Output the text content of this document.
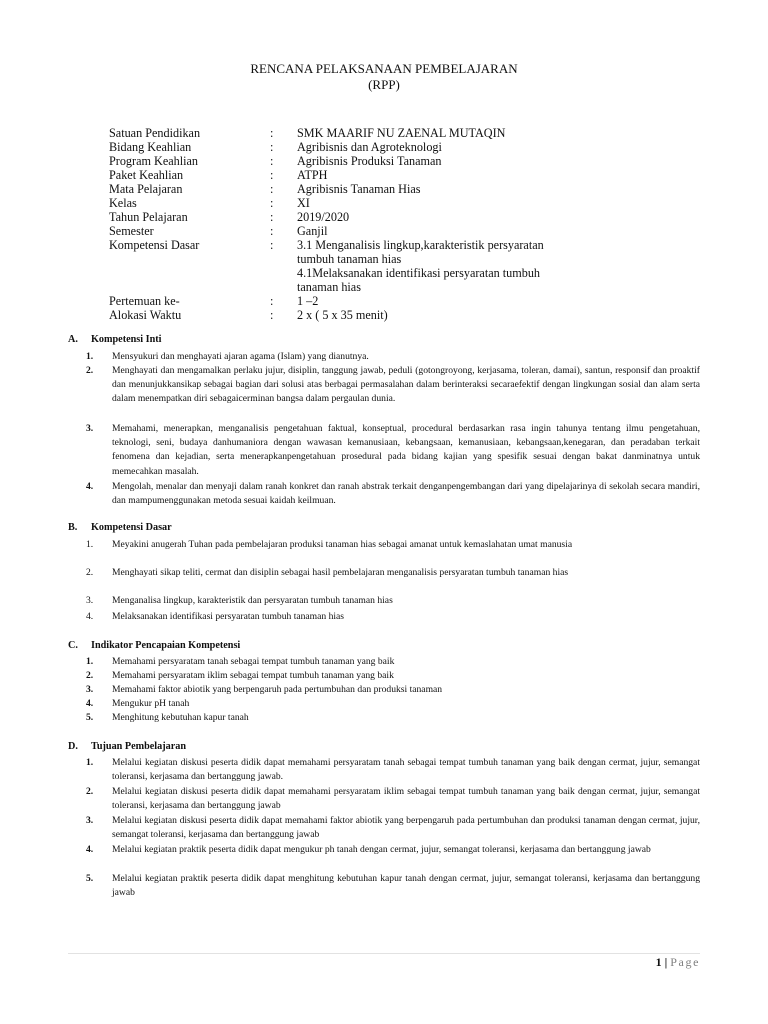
RENCANA PELAKSANAAN PEMBELAJARAN
(RPP)
Satuan Pendidikan	: SMK MAARIF NU ZAENAL MUTAQIN
Bidang Keahlian	: Agribisnis dan Agroteknologi
Program Keahlian	: Agribisnis Produksi Tanaman
Paket Keahlian	: ATPH
Mata Pelajaran	: Agribisnis Tanaman Hias
Kelas	: XI
Tahun Pelajaran	: 2019/2020
Semester	: Ganjil
Kompetensi Dasar	: 3.1 Menganalisis lingkup,karakteristik persyaratan
tumbuh tanaman hias
4.1Melaksanakan identifikasi persyaratan tumbuh
tanaman hias
Pertemuan ke-	: 1 –2
Alokasi Waktu	: 2 x ( 5 x 35 menit)
A. Kompetensi Inti
1. Mensyukuri dan menghayati ajaran agama (Islam) yang dianutnya.
2. Menghayati dan mengamalkan perlaku jujur, disiplin, tanggung jawab, peduli (gotongroyong, kerjasama, toleran, damai), santun, responsif dan proaktif dan menunjukkansikap sebagai bagian dari solusi atas berbagai permasalahan dalam berinteraksi secaraefektif dengan lingkungan sosial dan alam serta dalam menempatkan diri sebagaicerminan bangsa dalam pergaulan dunia.
3. Memahami, menerapkan, menganalisis pengetahuan faktual, konseptual, procedural berdasarkan rasa ingin tahunya tentang ilmu pengetahuan, teknologi, seni, budaya danhumaniora dengan wawasan kemanusiaan, kebangsaan, kemanusiaan, kebangsaan,kenegaran, dan peradaban terkait fenomena dan kejadian, serta menerapkanpengetahuan prosedural pada bidang kajian yang spesifik sesuai dengan bakat danminatnya untuk memecahkan masalah.
4. Mengolah, menalar dan menyaji dalam ranah konkret dan ranah abstrak terkait denganpengembangan dari yang dipelajarinya di sekolah secara mandiri, dan mampumenggunakan metoda sesuai kaidah keilmuan.
B. Kompetensi Dasar
1. Meyakini anugerah Tuhan pada pembelajaran produksi tanaman hias sebagai amanat untuk kemaslahatan umat manusia
2. Menghayati sikap teliti, cermat dan disiplin sebagai hasil pembelajaran menganalisis persyaratan tumbuh tanaman hias
3. Menganalisa lingkup, karakteristik dan persyaratan tumbuh tanaman hias
4. Melaksanakan identifikasi persyaratan tumbuh tanaman hias
C. Indikator Pencapaian Kompetensi
1. Memahami persyaratam tanah sebagai tempat tumbuh tanaman yang baik
2. Memahami persyaratam iklim sebagai tempat tumbuh tanaman yang baik
3. Memahami faktor abiotik yang berpengaruh pada pertumbuhan dan produksi tanaman
4. Mengukur pH tanah
5. Menghitung kebutuhan kapur tanah
D. Tujuan Pembelajaran
1. Melalui kegiatan diskusi peserta didik dapat memahami persyaratam tanah sebagai tempat tumbuh tanaman yang baik dengan cermat, jujur, semangat toleransi, kerjasama dan bertanggung jawab.
2. Melalui kegiatan diskusi peserta didik dapat memahami persyaratam iklim sebagai tempat tumbuh tanaman yang baik dengan cermat, jujur, semangat toleransi, kerjasama dan bertanggung jawab
3. Melalui kegiatan diskusi peserta didik dapat memahami faktor abiotik yang berpengaruh pada pertumbuhan dan produksi tanaman dengan cermat, jujur, semangat toleransi, kerjasama dan bertanggung jawab
4. Melalui kegiatan praktik peserta didik dapat mengukur ph tanah dengan cermat, jujur, semangat toleransi, kerjasama dan bertanggung jawab
5. Melalui kegiatan praktik peserta didik dapat menghitung kebutuhan kapur tanah dengan cermat, jujur, semangat toleransi, kerjasama dan bertanggung jawab
1 | Page
